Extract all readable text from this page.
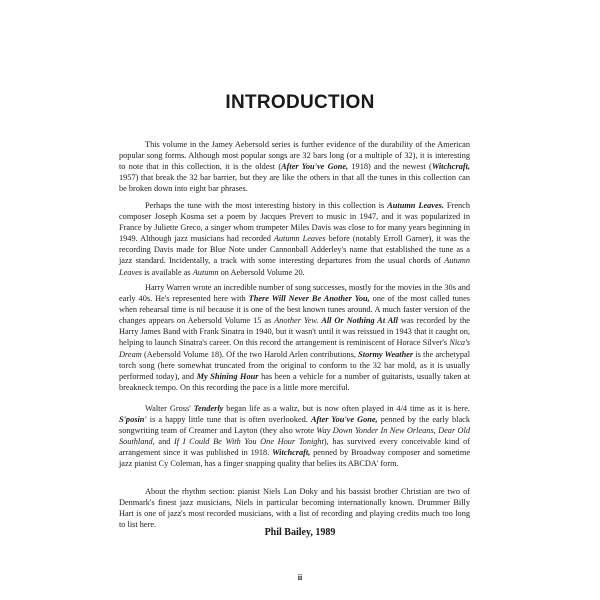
INTRODUCTION

This volume in the Jamey Aebersold series is further evidence of the durability of the American popular song forms. Although most popular songs are 32 bars long (or a multiple of 32), it is interesting to note that in this collection, it is the oldest (After You've Gone, 1918) and the newest (Witchcraft, 1957) that break the 32 bar barrier, but they are like the others in that all the tunes in this collection can be broken down into eight bar phrases.

Perhaps the tune with the most interesting history in this collection is Autumn Leaves. French composer Joseph Kosma set a poem by Jacques Prevert to music in 1947, and it was popularized in France by Juliette Greco, a singer whom trumpeter Miles Davis was close to for many years beginning in 1949. Although jazz musicians had recorded Autumn Leaves before (notably Erroll Garner), it was the recording Davis made for Blue Note under Cannonball Adderley's name that established the tune as a jazz standard. Incidentally, a track with some interesting departures from the usual chords of Autumn Leaves is available as Autumn on Aebersold Volume 20.

Harry Warren wrote an incredible number of song successes, mostly for the movies in the 30s and early 40s. He's represented here with There Will Never Be Another You, one of the most called tunes when rehearsal time is nil because it is one of the best known tunes around. A much faster version of the changes appears on Aebersold Volume 15 as Another Yew. All Or Nothing At All was recorded by the Harry James Band with Frank Sinatra in 1940, but it wasn't until it was reissued in 1943 that it caught on, helping to launch Sinatra's career. On this record the arrangement is reminiscent of Horace Silver's Nica's Dream (Aebersold Volume 18). Of the two Harold Arlen contributions, Stormy Weather is the archetypal torch song (here somewhat truncated from the original to conform to the 32 bar mold, as it is usually performed today), and My Shining Hour has been a vehicle for a number of guitarists, usually taken at breakneck tempo. On this recording the pace is a little more merciful.

Walter Gross' Tenderly began life as a waltz, but is now often played in 4/4 time as it is here. S'posin' is a happy little tune that is often overlooked. After You've Gone, penned by the early black songwriting team of Creamer and Layton (they also wrote Way Down Yonder In New Orleans, Dear Old Southland, and If I Could Be With You One Hour Tonight), has survived every conceivable kind of arrangement since it was published in 1918. Witchcraft, penned by Broadway composer and sometime jazz pianist Cy Coleman, has a finger snapping quality that belies its ABCDA' form.

About the rhythm section: pianist Niels Lan Doky and his bassist brother Christian are two of Denmark's finest jazz musicians, Niels in particular becoming internationally known. Drummer Billy Hart is one of jazz's most recorded musicians, with a list of recording and playing credits much too long to list here.

Phil Bailey, 1989

ii
